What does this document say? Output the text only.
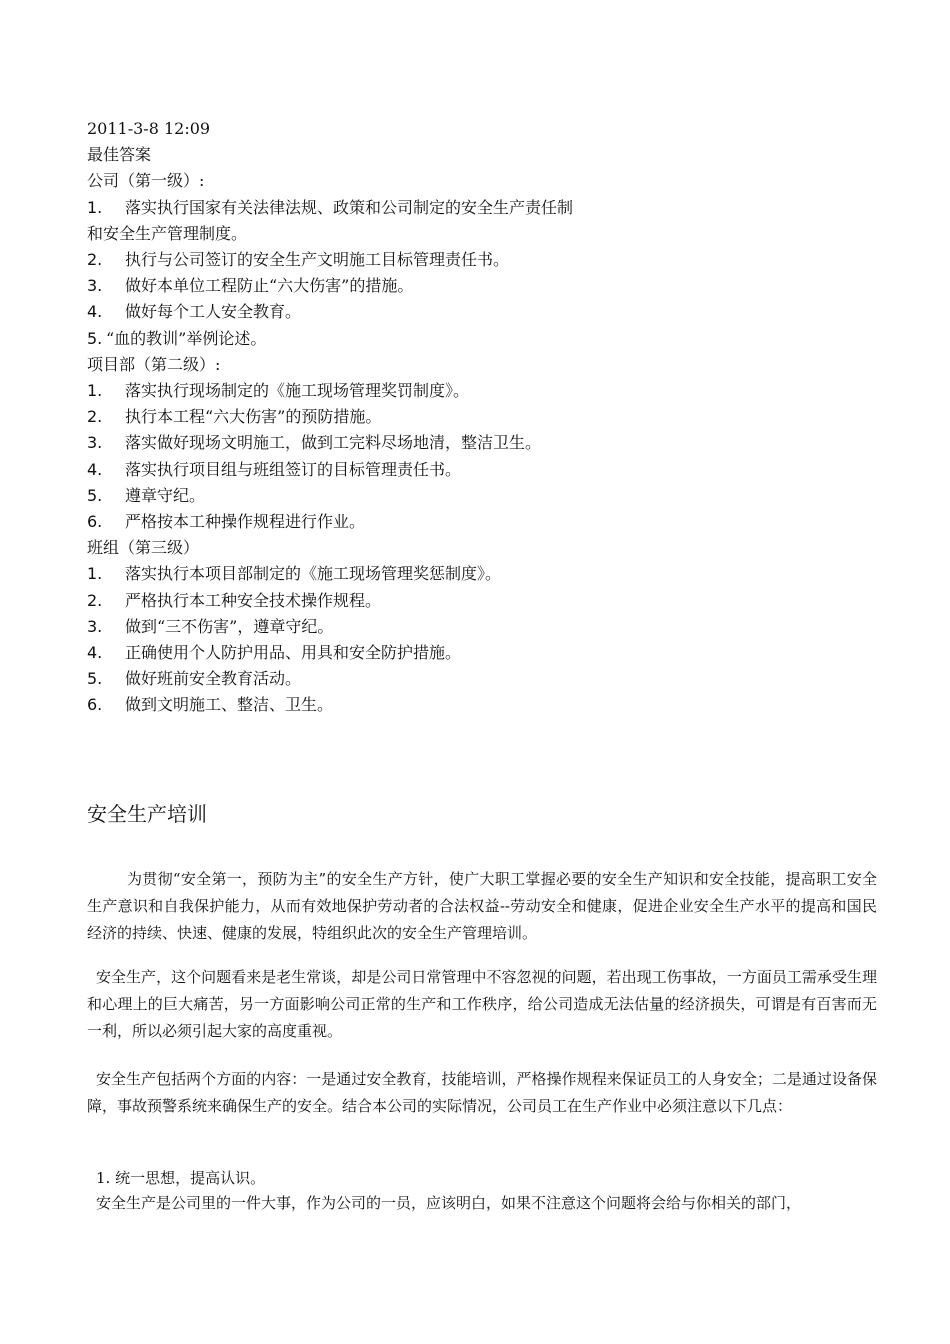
2011-3-8 12:09

最佳答案

公司（第一级）:

1. 落实执行国家有关法律法规、政策和公司制定的安全生产责任制

和安全生产管理制度。

2. 执行与公司签订的安全生产文明施工目标管理责任书。

3. 做好本单位工程防止“六大伤害”的措施。

4. 做好每个工人安全教育。

5. “血的教训”举例论述。

项目部（第二级）:

1. 落实执行现场制定的《施工现场管理奖罚制度》。

2. 执行本工程“六大伤害”的预防措施。

3. 落实做好现场文明施工，做到工完料尽场地清，整洁卫生。

4. 落实执行项目组与班组签订的目标管理责任书。

5. 遵章守纪。

6. 严格按本工种操作规程进行作业。

班组（第三级）

1. 落实执行本项目部制定的《施工现场管理奖惩制度》。

2. 严格执行本工种安全技术操作规程。

3. 做到“三不伤害”，遵章守纪。

4. 正确使用个人防护用品、用具和安全防护措施。

5. 做好班前安全教育活动。

6. 做到文明施工、整洁、卫生。

安全生产培训

为贯彻“安全第一，预防为主”的安全生产方针，使广大职工掌握必要的安全生产知识和安全技能，提高职工安全生产意识和自我保护能力，从而有效地保护劳动者的合法权益--劳动安全和健康，促进企业安全生产水平的提高和国民经济的持续、快速、健康的发展，特组织此次的安全生产管理培训。

安全生产，这个问题看来是老生常谈，却是公司日常管理中不容忽视的问题，若出现工伤事故，一方面员工需承受生理和心理上的巨大痛苦，另一方面影响公司正常的生产和工作秩序，给公司造成无法估量的经济损失，可谓是有百害而无一利，所以必须引起大家的高度重视。

安全生产包括两个方面的内容：一是通过安全教育，技能培训，严格操作规程来保证员工的人身安全；二是通过设备保障，事故预警系统来确保生产的安全。结合本公司的实际情况，公司员工在生产作业中必须注意以下几点：

1. 统一思想，提高认识。

安全生产是公司里的一件大事，作为公司的一员，应该明白，如果不注意这个问题将会给与你相关的部门，
